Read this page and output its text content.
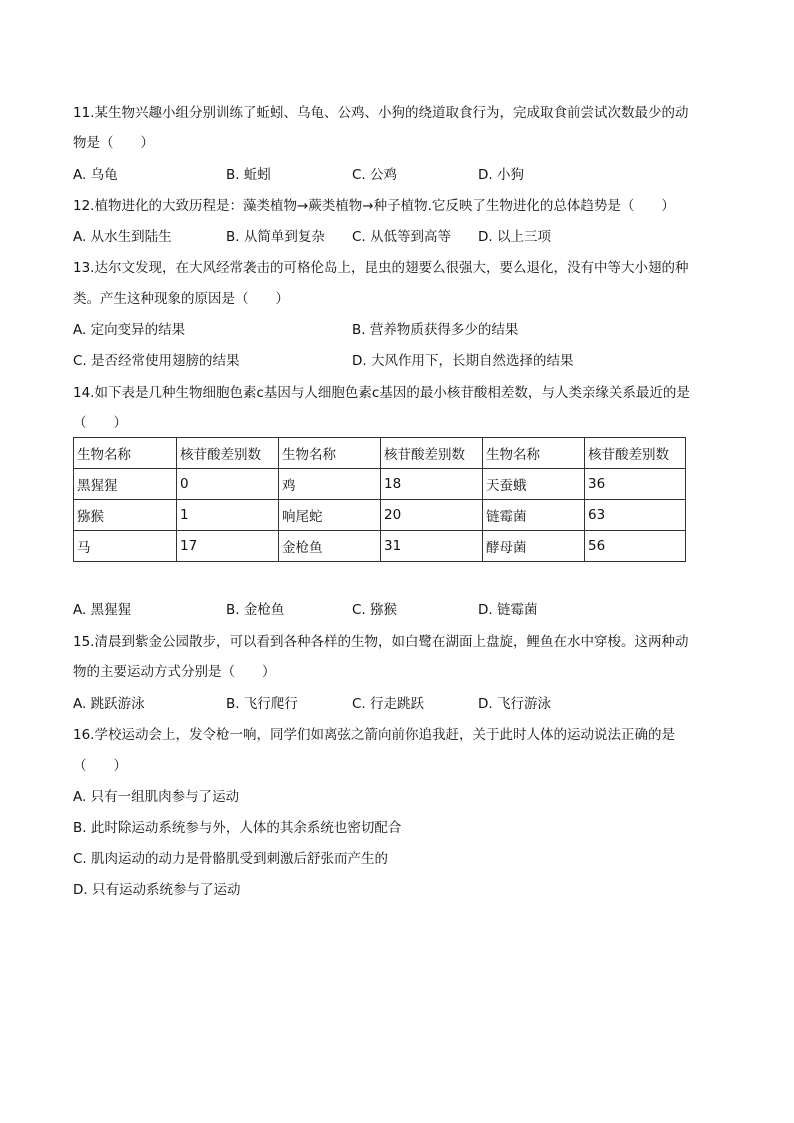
11.某生物兴趣小组分别训练了蚯蚓、乌龟、公鸡、小狗的绕道取食行为，完成取食前尝试次数最少的动
物是（　　）
A. 乌龟	B. 蚯蚓	C. 公鸡	D. 小狗
12.植物进化的大致历程是：藻类植物→蕨类植物→种子植物.它反映了生物进化的总体趋势是（　　）
A. 从水生到陆生	B. 从简单到复杂 C. 从低等到高等 D. 以上三项
13.达尔文发现，在大风经常袭击的可格伦岛上，昆虫的翅要么很强大，要么退化，没有中等大小翅的种
类。产生这种现象的原因是（　　）
A. 定向变异的结果	B. 营养物质获得多少的结果
C. 是否经常使用翅膀的结果	D. 大风作用下，长期自然选择的结果
14.如下表是几种生物细胞色素c基因与人细胞色素c基因的最小核苷酸相差数，与人类亲缘关系最近的是
（　　）
生物名称	核苷酸差别数	生物名称	核苷酸差别数	生物名称	核苷酸差别数
黑猩猩	0	鸡	18	天蚕蛾	36
猕猴	1	响尾蛇	20	链霉菌	63
马	17	金枪鱼	31	酵母菌	56
A. 黑猩猩	B. 金枪鱼	C. 猕猴	D. 链霉菌
15.清晨到紫金公园散步，可以看到各种各样的生物，如白鹭在湖面上盘旋，鲤鱼在水中穿梭。这两种动
物的主要运动方式分别是（　　）
A. 跳跃游泳	B. 飞行爬行	C. 行走跳跃	D. 飞行游泳
16.学校运动会上，发令枪一响，同学们如离弦之箭向前你追我赶，关于此时人体的运动说法正确的是
（　　）
A. 只有一组肌肉参与了运动
B. 此时除运动系统参与外，人体的其余系统也密切配合
C. 肌肉运动的动力是骨骼肌受到刺激后舒张而产生的
D. 只有运动系统参与了运动
